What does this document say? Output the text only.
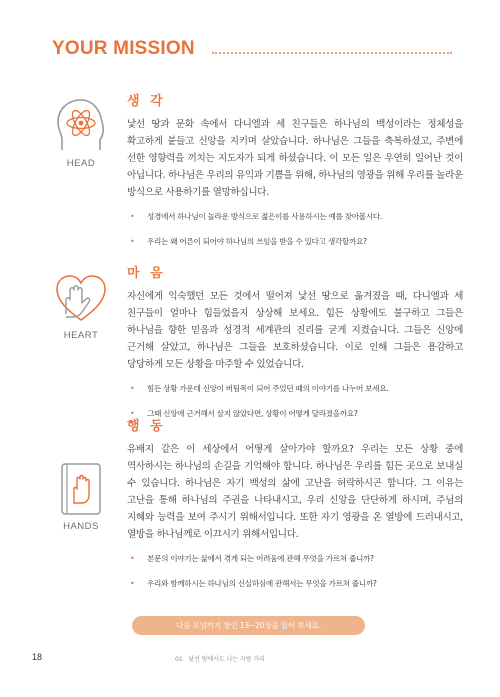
YOUR MISSION
HEAD
생 각

낯선 땅과 문화 속에서 다니엘과 세 친구들은 하나님의 백성이라는 정체성을 확고하게 붙들고 신앙을 지키며 살았습니다. 하나님은 그들을 축복하셨고, 주변에 선한 영향력을 끼치는 지도자가 되게 하셨습니다. 이 모든 일은 우연히 일어난 것이 아닙니다. 하나님은 우리의 유익과 기쁨을 위해, 하나님의 영광을 위해 우리를 놀라운 방식으로 사용하기를 열망하십니다.

• 성경에서 하나님이 놀라운 방식으로 젊은이를 사용하시는 예를 찾아봅시다.
• 우리는 왜 어른이 되어야 하나님의 쓰임을 받을 수 있다고 생각할까요?
HEART
마 음

자신에게 익숙했던 모든 것에서 떨어져 낯선 땅으로 옮겨졌을 때, 다니엘과 세 친구들이 얼마나 힘들었을지 상상해 보세요. 힘든 상황에도 불구하고 그들은 하나님을 향한 믿음과 성경적 세계관의 진리를 굳게 지켰습니다. 그들은 신앙에 근거해 살았고, 하나님은 그들을 보호하셨습니다. 이로 인해 그들은 용감하고 당당하게 모든 상황을 마주할 수 있었습니다.

• 힘든 상황 가운데 신앙이 버팀목이 되어 주었던 때의 이야기를 나누어 보세요.
• 그때 신앙에 근거해서 살지 않았다면, 상황이 어떻게 달라졌을까요?
HANDS
행 동

유배지 같은 이 세상에서 어떻게 살아가야 할까요? 우리는 모든 상황 중에 역사하시는 하나님의 손길을 기억해야 합니다. 하나님은 우리를 힘든 곳으로 보내실 수 있습니다. 하나님은 자기 백성의 삶에 고난을 허락하시곤 합니다. 그 이유는 고난을 통해 하나님의 주권을 나타내시고, 우리 신앙을 단단하게 하시며, 주님의 지혜와 능력을 보여 주시기 위해서입니다. 또한 자기 영광을 온 열방에 드러내시고, 열방을 하나님께로 이끄시기 위해서입니다.

• 본문의 이야기는 삶에서 겪게 되는 어려움에 관해 무엇을 가르쳐 줍니까?
• 우리와 함께하시는 하나님의 신실하심에 관해서는 무엇을 가르쳐 줍니까?
다음 모임까지 창인 13~20장을 읽어 보세요.
18	01 낯선 땅에서도 나는 자랑 거리
